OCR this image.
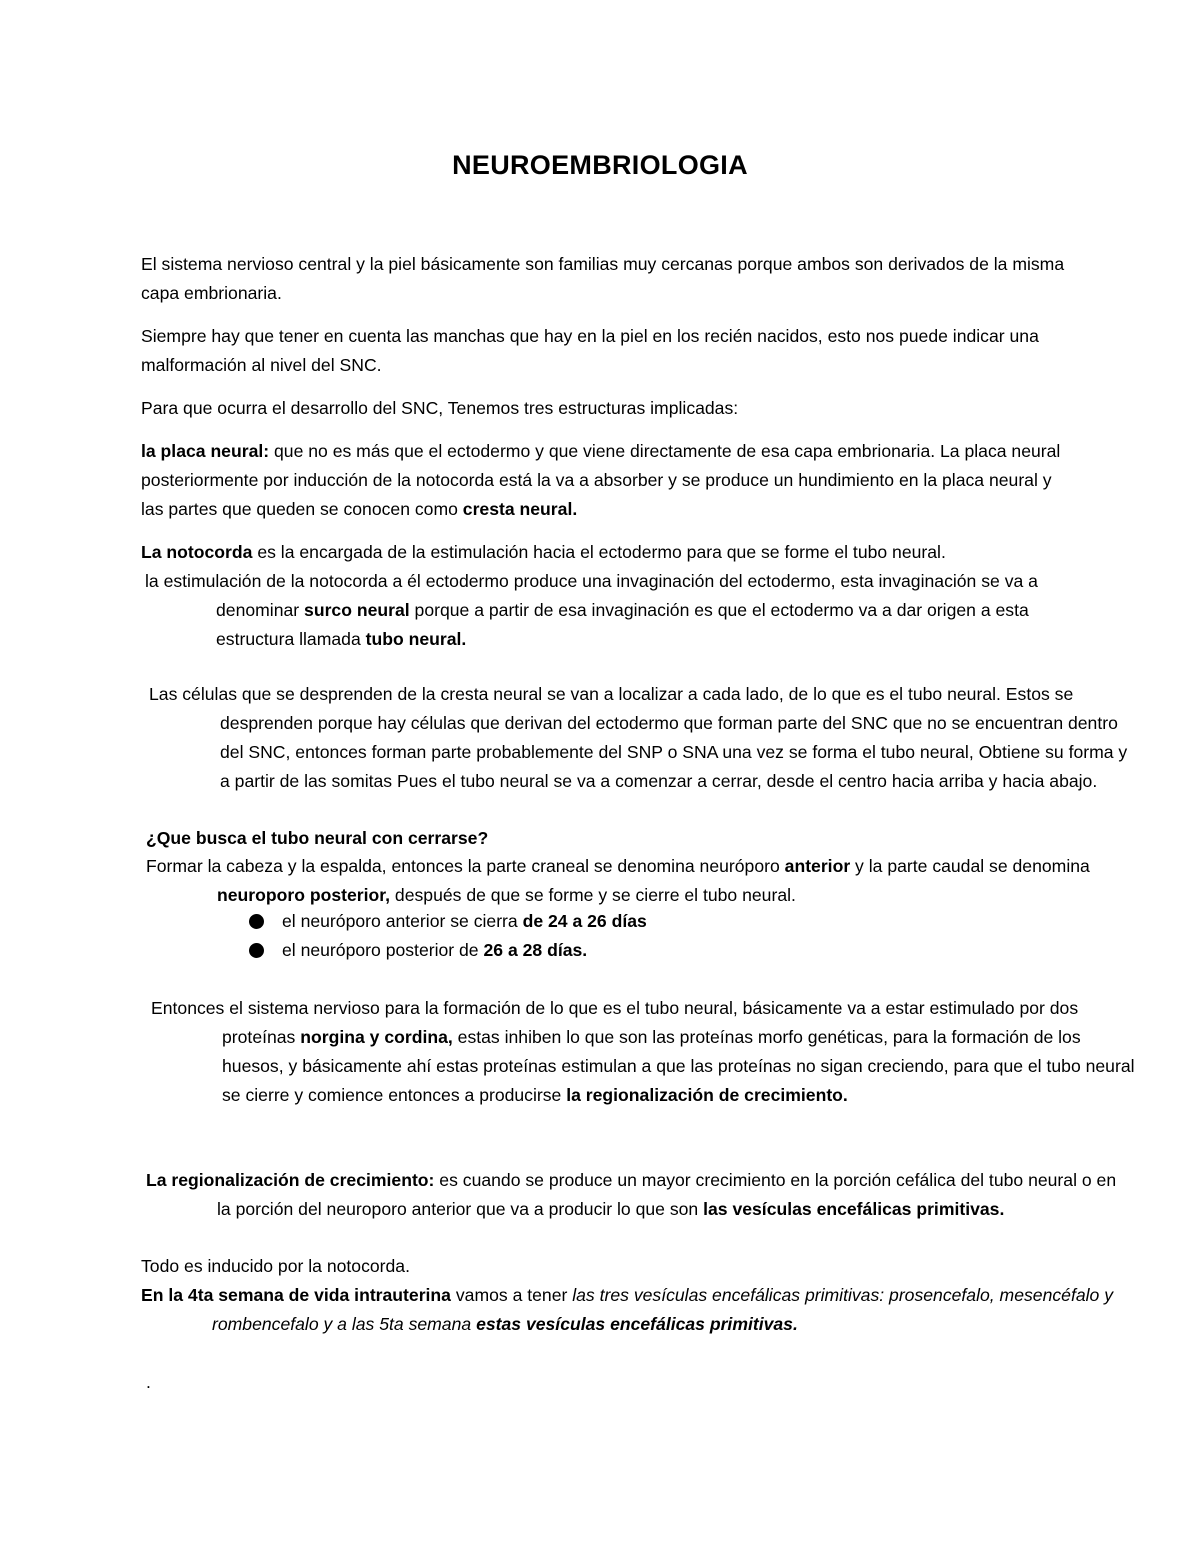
NEUROEMBRIOLOGIA

El sistema nervioso central y la piel básicamente son familias muy cercanas porque ambos son derivados de la misma capa embrionaria.

Siempre hay que tener en cuenta las manchas que hay en la piel en los recién nacidos, esto nos puede indicar una malformación al nivel del SNC.

Para que ocurra el desarrollo del SNC, Tenemos tres estructuras implicadas:

la placa neural: que no es más que el ectodermo y que viene directamente de esa capa embrionaria. La placa neural posteriormente por inducción de la notocorda está la va a absorber y se produce un hundimiento en la placa neural y las partes que queden se conocen como cresta neural.

La notocorda es la encargada de la estimulación hacia el ectodermo para que se forme el tubo neural.

la estimulación de la notocorda a él ectodermo produce una invaginación del ectodermo, esta invaginación se va a denominar surco neural porque a partir de esa invaginación es que el ectodermo va a dar origen a esta estructura llamada tubo neural.

Las células que se desprenden de la cresta neural se van a localizar a cada lado, de lo que es el tubo neural. Estos se desprenden porque hay células que derivan del ectodermo que forman parte del SNC que no se encuentran dentro del SNC, entonces forman parte probablemente del SNP o SNA una vez se forma el tubo neural, Obtiene su forma y a partir de las somitas Pues el tubo neural se va a comenzar a cerrar, desde el centro hacia arriba y hacia abajo.

¿Que busca el tubo neural con cerrarse?

Formar la cabeza y la espalda, entonces la parte craneal se denomina neuróporo anterior y la parte caudal se denomina neuroporo posterior, después de que se forme y se cierre el tubo neural.

el neuróporo anterior se cierra de 24 a 26 días
el neuróporo posterior de 26 a 28 días.

Entonces el sistema nervioso para la formación de lo que es el tubo neural, básicamente va a estar estimulado por dos proteínas norgina y cordina, estas inhiben lo que son las proteínas morfo genéticas, para la formación de los huesos, y básicamente ahí estas proteínas estimulan a que las proteínas no sigan creciendo, para que el tubo neural se cierre y comience entonces a producirse la regionalización de crecimiento.

La regionalización de crecimiento: es cuando se produce un mayor crecimiento en la porción cefálica del tubo neural o en la porción del neuroporo anterior que va a producir lo que son las vesículas encefálicas primitivas.

Todo es inducido por la notocorda.

En la 4ta semana de vida intrauterina vamos a tener las tres vesículas encefálicas primitivas: prosencefalo, mesencéfalo y rombencefalo y a las 5ta semana estas vesículas encefálicas primitivas.

.
